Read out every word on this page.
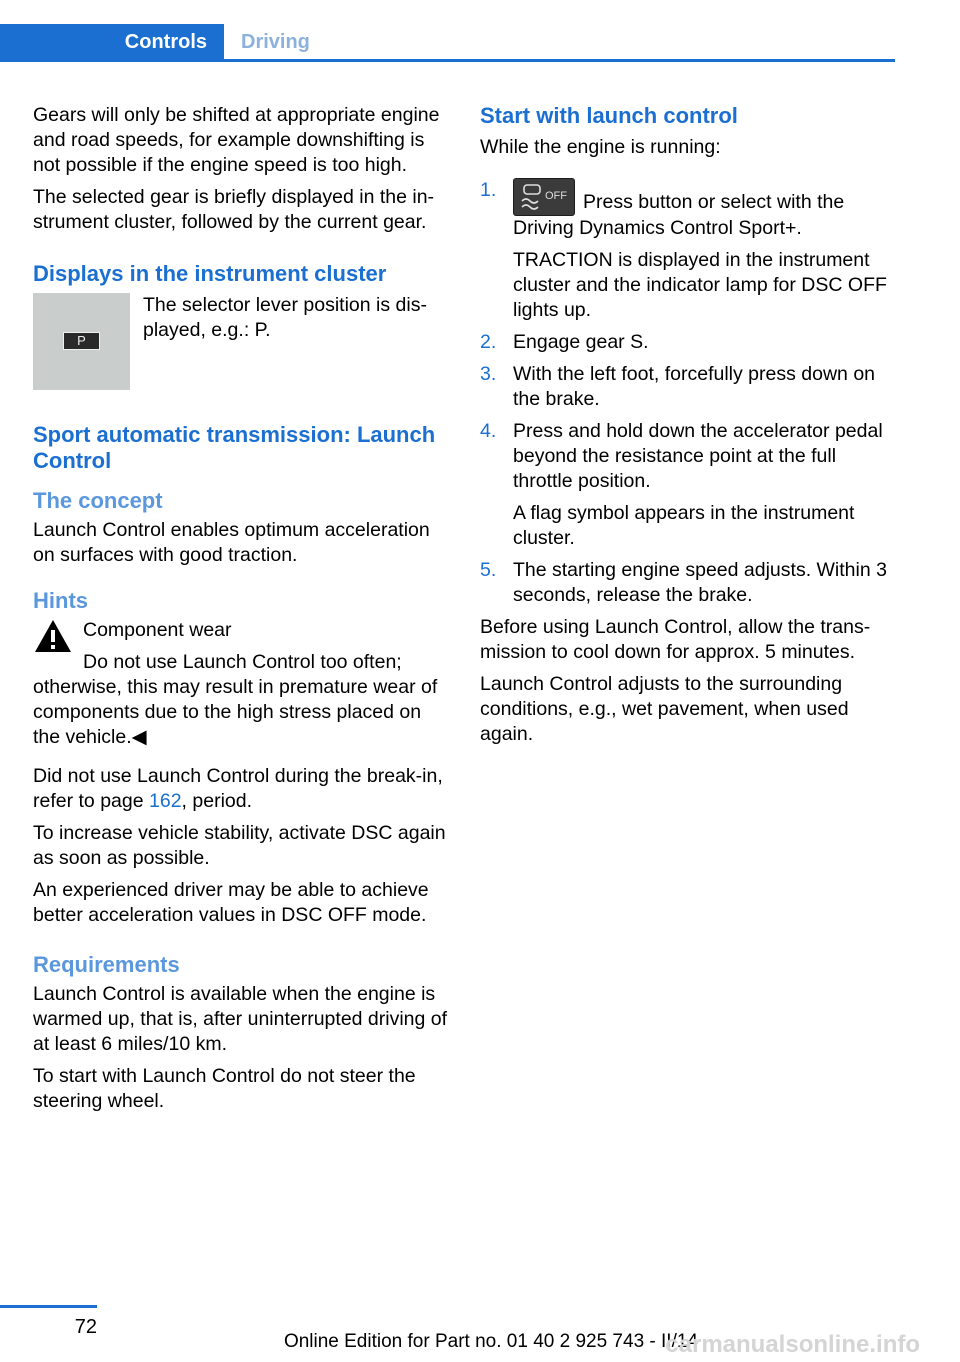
Controls	Driving

Gears will only be shifted at appropriate engine and road speeds, for example downshifting is not possible if the engine speed is too high.

The selected gear is briefly displayed in the in-strument cluster, followed by the current gear.

Displays in the instrument cluster
P
The selector lever position is dis-played, e.g.: P.
Sport automatic transmission: Launch Control
The concept

Launch Control enables optimum acceleration on surfaces with good traction.

Hints
Component wear
Do not use Launch Control too often; otherwise, this may result in premature wear of components due to the high stress placed on the vehicle.◀

Did not use Launch Control during the break-in, refer to page 162, period.

To increase vehicle stability, activate DSC again as soon as possible.

An experienced driver may be able to achieve better acceleration values in DSC OFF mode.

Requirements

Launch Control is available when the engine is warmed up, that is, after uninterrupted driving of at least 6 miles/10 km.

To start with Launch Control do not steer the steering wheel.

Start with launch control

While the engine is running:

1.	OFF Press button or select with the Driving Dynamics Control Sport+.
TRACTION is displayed in the instrument cluster and the indicator lamp for DSC OFF lights up.
2. Engage gear S.
3. With the left foot, forcefully press down on the brake.
4. Press and hold down the accelerator pedal beyond the resistance point at the full throttle position.
A flag symbol appears in the instrument cluster.
5. The starting engine speed adjusts. Within 3 seconds, release the brake.

Before using Launch Control, allow the trans-mission to cool down for approx. 5 minutes.

Launch Control adjusts to the surrounding conditions, e.g., wet pavement, when used again.

72
Online Edition for Part no. 01 40 2 925 743 - II/14
carmanualsonline.info
